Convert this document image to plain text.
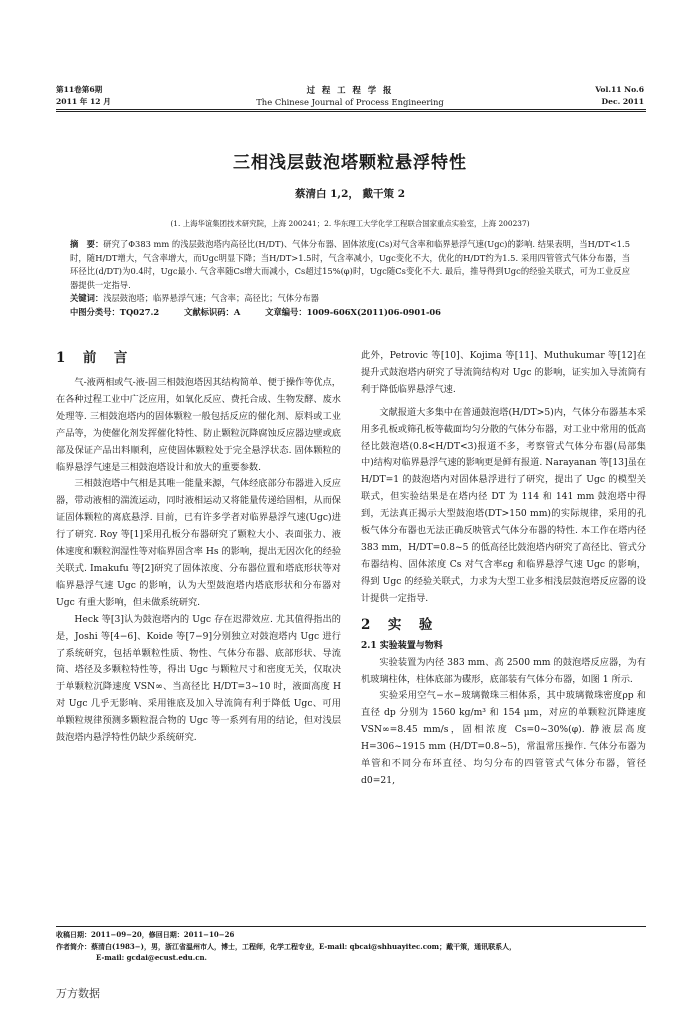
第11卷第6期
2011 年 12 月
过 程 工 程 学 报
The Chinese Journal of Process Engineering
Vol.11 No.6
Dec. 2011
三相浅层鼓泡塔颗粒悬浮特性
蔡清白 1,2， 戴干策 2
(1. 上海华谊集团技术研究院，上海 200241；2. 华东理工大学化学工程联合国家重点实验室，上海 200237)

摘　要：研究了Φ383 mm 的浅层鼓泡塔内高径比(H/DT)、气体分布器、固体浓度(Cs)对气含率和临界悬浮气速(Ugc)的影响. 结果表明，当H/DT<1.5时，随H/DT增大，气含率增大，而Ugc明显下降；当H/DT>1.5时，气含率减小，Ugc变化不大，优化的H/DT约为1.5. 采用四管管式气体分布器，当环径比(d/DT)为0.4时，Ugc最小. 气含率随Cs增大而减小，Cs超过15%(φ)时，Ugc随Cs变化不大. 最后，推导得到Ugc的经验关联式，可为工业反应器提供一定指导.

关键词：浅层鼓泡塔；临界悬浮气速；气含率；高径比；气体分布器

中图分类号：TQ027.2　　　文献标识码：A　　　文章编号：1009-606X(2011)06-0901-06

1　前　言

气-液两相或气-液-固三相鼓泡塔因其结构简单、便于操作等优点，在各种过程工业中广泛应用，如氧化反应、费托合成、生物发酵、废水处理等. 三相鼓泡塔内的固体颗粒一般包括反应的催化剂、原料或工业产品等，为使催化剂发挥催化特性、防止颗粒沉降腐蚀反应器边壁或底部及保证产品出料顺利，应使固体颗粒处于完全悬浮状态. 固体颗粒的临界悬浮气速是三相鼓泡塔设计和放大的重要参数.

三相鼓泡塔中气相是其唯一能量来源，气体经底部分布器进入反应器，带动液相的湍流运动，同时液相运动又将能量传递给固相，从而保证固体颗粒的离底悬浮. 目前，已有许多学者对临界悬浮气速(Ugc)进行了研究. Roy 等[1]采用孔板分布器研究了颗粒大小、表面张力、液体速度和颗粒润湿性等对临界固含率 Hs 的影响，提出无因次化的经验关联式. Imakufu 等[2]研究了固体浓度、分布器位置和塔底形状等对临界悬浮气速 Ugc 的影响，认为大型鼓泡塔内塔底形状和分布器对 Ugc 有重大影响，但未做系统研究.

Heck 等[3]认为鼓泡塔内的 Ugc 存在迟滞效应. 尤其值得指出的是，Joshi 等[4−6]、Koide 等[7−9]分别独立对鼓泡塔内 Ugc 进行了系统研究，包括单颗粒性质、物性、气体分布器、底部形状、导流筒、塔径及多颗粒特性等，得出 Ugc 与颗粒尺寸和密度无关，仅取决于单颗粒沉降速度 VSN∞、当高径比 H/DT=3~10 时，液面高度 H 对 Ugc 几乎无影响、采用锥底及加入导流筒有利于降低 Ugc、可用单颗粒规律预测多颗粒混合物的 Ugc 等一系列有用的结论，但对浅层鼓泡塔内悬浮特性仍缺少系统研究.

此外，Petrovic 等[10]、Kojima 等[11]、Muthukumar 等[12]在提升式鼓泡塔内研究了导流筒结构对 Ugc 的影响，证实加入导流筒有利于降低临界悬浮气速.

文献报道大多集中在普通鼓泡塔(H/DT>5)内，气体分布器基本采用多孔板或筛孔板等截面均匀分散的气体分布器，对工业中常用的低高径比鼓泡塔(0.8<H/DT<3)报道不多，考察管式气体分布器(局部集中)结构对临界悬浮气速的影响更是鲜有报道. Narayanan 等[13]虽在 H/DT=1 的鼓泡塔内对固体悬浮进行了研究，提出了 Ugc 的模型关联式，但实验结果是在塔内径 DT 为 114 和 141 mm 鼓泡塔中得到，无法真正揭示大型鼓泡塔(DT>150 mm)的实际规律，采用的孔板气体分布器也无法正确反映管式气体分布器的特性. 本工作在塔内径 383 mm，H/DT=0.8~5 的低高径比鼓泡塔内研究了高径比、管式分布器结构、固体浓度 Cs 对气含率εg 和临界悬浮气速 Ugc 的影响，得到 Ugc 的经验关联式，力求为大型工业多相浅层鼓泡塔反应器的设计提供一定指导.

2　实　验
2.1 实验装置与物料

实验装置为内径 383 mm、高 2500 mm 的鼓泡塔反应器，为有机玻璃柱体，柱体底部为碟形，底部装有气体分布器，如图 1 所示.

实验采用空气−水−玻璃微珠三相体系，其中玻璃微珠密度ρp 和直径 dp 分别为 1560 kg/m³ 和 154 μm，对应的单颗粒沉降速度 VSN∞=8.45 mm/s，固相浓度 Cs=0~30%(φ). 静液层高度 H=306~1915 mm (H/DT=0.8~5)，常温常压操作. 气体分布器为单管和不同分布环直径、均匀分布的四管管式气体分布器，管径 d0=21,

收稿日期：2011−09−20，修回日期：2011−10−26
作者简介：蔡清白(1983−)，男，浙江省温州市人，博士，工程师，化学工程专业，E-mail: qbcai@shhuayitec.com；戴干策，通讯联系人，
E-mail: gcdai@ecust.edu.cn.
万方数据
